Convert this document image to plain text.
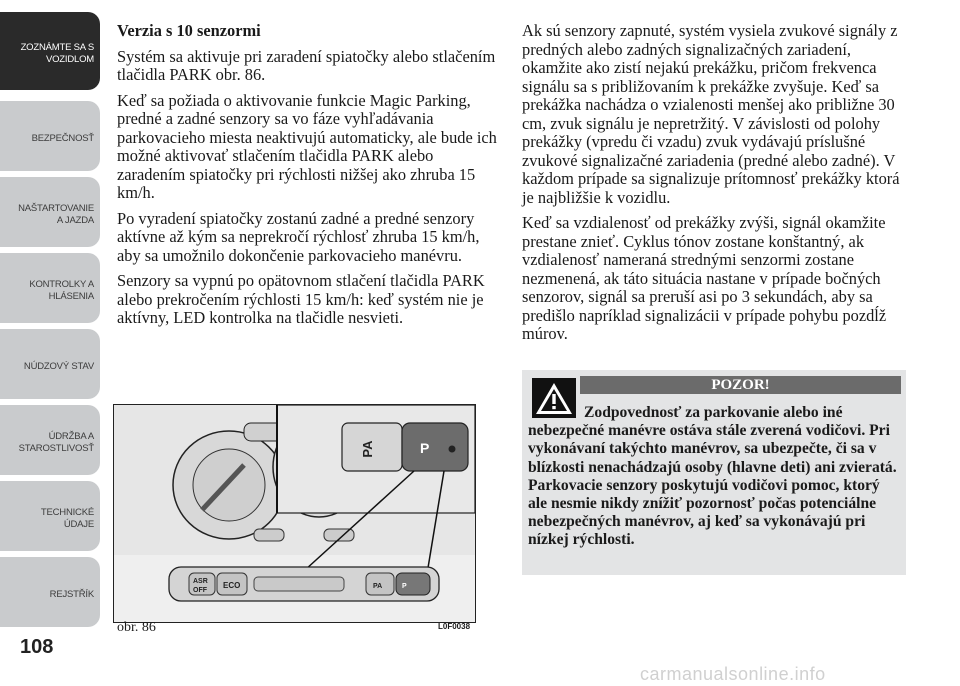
ZOZNÁMTE SA S
VOZIDLOM
BEZPEČNOSŤ
NAŠTARTOVANIE
A JAZDA
KONTROLKY A
HLÁSENIA
NÚDZOVÝ STAV
ÚDRŽBA A
STAROSTLIVOSŤ
TECHNICKÉ
ÚDAJE
REJSTŘÍK
108

Verzia s 10 senzormi

Systém sa aktivuje pri zaradení spiatočky alebo stlačením tlačidla PARK obr. 86.

Keď sa požiada o aktivovanie funkcie Magic Parking, predné a zadné senzory sa vo fáze vyhľadávania parkovacieho miesta neaktivujú automaticky, ale bude ich možné aktivovať stlačením tlačidla PARK alebo zaradením spiatočky pri rýchlosti nižšej ako zhruba 15 km/h.

Po vyradení spiatočky zostanú zadné a predné senzory aktívne až kým sa neprekročí rýchlosť zhruba 15 km/h, aby sa umožnilo dokončenie parkovacieho manévru.

Senzory sa vypnú po opätovnom stlačení tlačidla PARK alebo prekročením rýchlosti 15 km/h: keď systém nie je aktívny, LED kontrolka na tlačidle nesvieti.

Ak sú senzory zapnuté, systém vysiela zvukové signály z predných alebo zadných signalizačných zariadení, okamžite ako zistí nejakú prekážku, pričom frekvenca signálu sa s približovaním k prekážke zvyšuje. Keď sa prekážka nachádza o vzialenosti menšej ako približne 30 cm, zvuk signálu je nepretržitý. V závislosti od polohy prekážky (vpredu či vzadu) zvuk vydávajú príslušné zvukové signalizačné zariadenia (predné alebo zadné). V každom prípade sa signalizuje prítomnosť prekážky ktorá je najbližšie k vozidlu.

Keď sa vzdialenosť od prekážky zvýši, signál okamžite prestane znieť. Cyklus tónov zostane konštantný, ak vzdialenosť nameraná strednými senzormi zostane nezmenená, ak táto situácia nastane v prípade bočných senzorov, signál sa preruší asi po 3 sekundách, aby sa predišlo napríklad signalizácii v prípade pohybu pozdĺž múrov.

POZOR!
Zodpovednosť za parkovanie alebo iné nebezpečné manévre ostáva stále zverená vodičovi. Pri vykonávaní takýchto manévrov, sa ubezpečte, či sa v blízkosti nenachádzajú osoby (hlavne deti) ani zvieratá. Parkovacie senzory poskytujú vodičovi pomoc, ktorý ale nesmie nikdy znížiť pozornosť počas potenciálne nebezpečných manévrov, aj keď sa vykonávajú pri nízkej rýchlosti.
PA	P
ASR
OFF
ECO	PA	P
obr. 86	L0F0038
carmanualsonline.info
